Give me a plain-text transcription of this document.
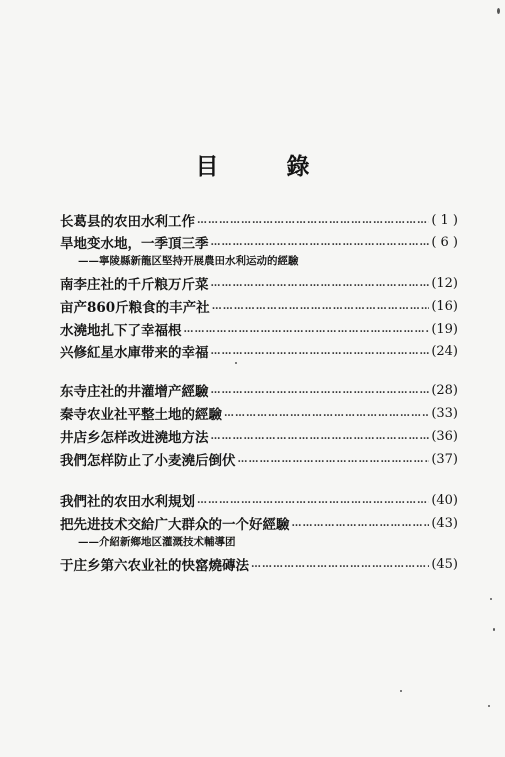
目 錄
长葛县的农田水利工作 …………………………………………………………………………………………………………………………………………	( 1 )
旱地变水地，一季頂三季 …………………………………………………………………………………………………………………………………………	( 6 )
——寧陵縣新龍区堅持开展農田水利运动的經驗
南李庄社的千斤粮万斤菜 …………………………………………………………………………………………………………………………………………	(12)
亩产860斤粮食的丰产社 …………………………………………………………………………………………………………………………………………	(16)
水澆地扎下了幸福根 …………………………………………………………………………………………………………………………………………	(19)
兴修紅星水庫带来的幸福 …………………………………………………………………………………………………………………………………………	(24)
东寺庄社的井灌增产經驗 …………………………………………………………………………………………………………………………………………	(28)
秦寺农业社平整土地的經驗 …………………………………………………………………………………………………………………………………………	(33)
井店乡怎样改进澆地方法 …………………………………………………………………………………………………………………………………………	(36)
我們怎样防止了小麦澆后倒伏 …………………………………………………………………………………………………………………………………………	(37)
我們社的农田水利規划 …………………………………………………………………………………………………………………………………………	(40)
把先进技术交給广大群众的一个好經驗 …………………………………………………………………………………………………………………………………………	(43)
——介紹新鄉地区灌溉技术輔導团
于庄乡第六农业社的快窰燒磚法 …………………………………………………………………………………………………………………………………………	(45)
